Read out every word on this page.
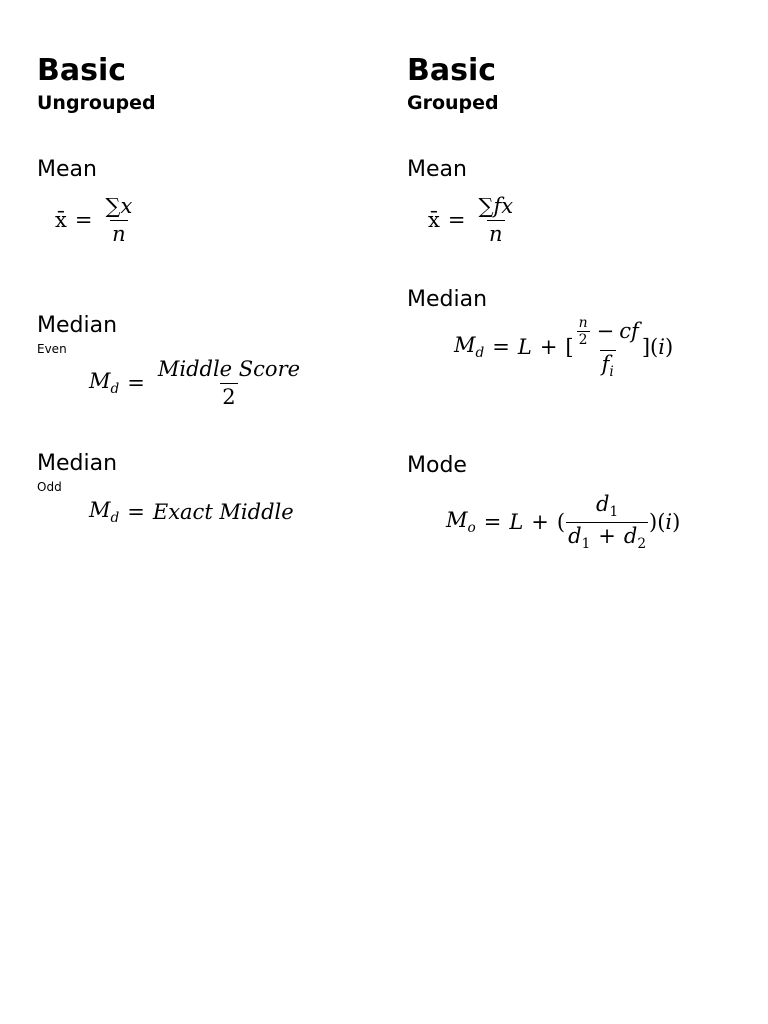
Basic
Ungrouped
Mean
x̄ = $\frac{\sum x}{n}$
Median
Even
$M_d = \frac{\text{Middle Score}}{2}$
Median
Odd
$M_d$ = Exact Middle
Basic
Grouped
Mean
x̄ = $\frac{\sum fx}{n}$
Median
$M_d = L$ + [ $\frac{\frac{n}{2} - cf}{f_i}$ ] (i)
Mode
$M_o = L$ + ( $\frac{d_1}{d_1 + d_2}$ ) (i)
